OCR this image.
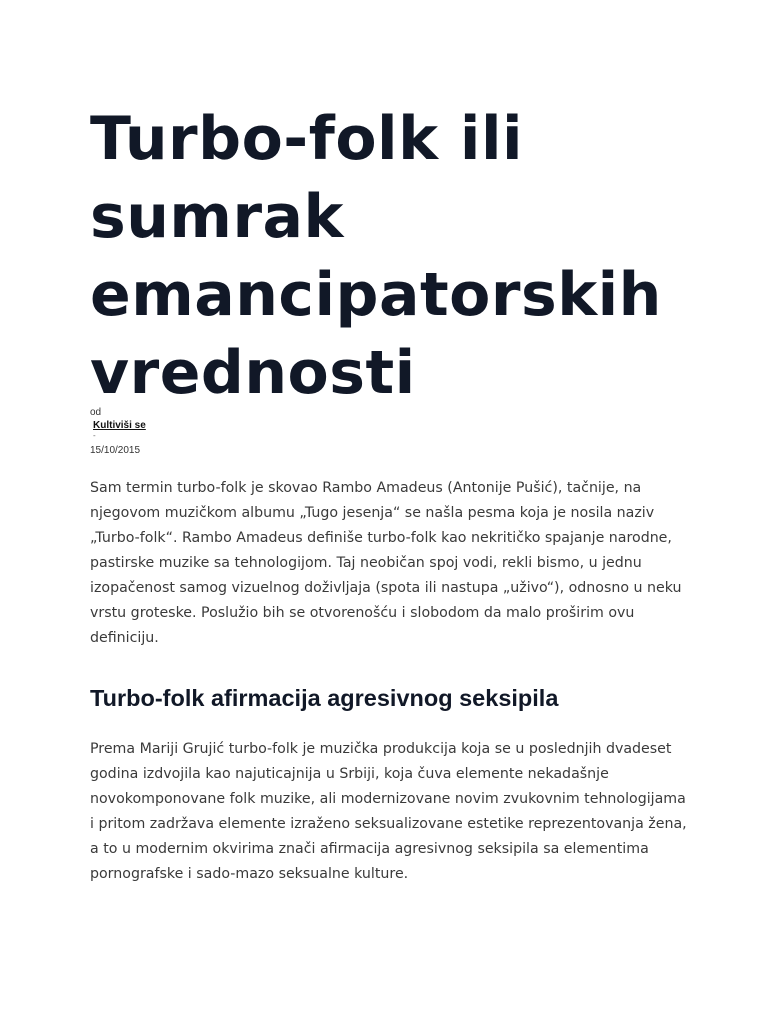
Turbo-folk ili sumrak emancipatorskih vrednosti
od
Kultiviši se
-
15/10/2015

Sam termin turbo-folk je skovao Rambo Amadeus (Antonije Pušić), tačnije, na njegovom muzičkom albumu „Tugo jesenja“ se našla pesma koja je nosila naziv „Turbo-folk“. Rambo Amadeus definiše turbo-folk kao nekritičko spajanje narodne, pastirske muzike sa tehnologijom. Taj neobičan spoj vodi, rekli bismo, u jednu izopačenost samog vizuelnog doživljaja (spota ili nastupa „uživo“), odnosno u neku vrstu groteske. Poslužio bih se otvorenošću i slobodom da malo proširim ovu definiciju.

Turbo-folk afirmacija agresivnog seksipila

Prema Mariji Grujić turbo-folk je muzička produkcija koja se u poslednjih dvadeset godina izdvojila kao najuticajnija u Srbiji, koja čuva elemente nekadašnje novokomponovane folk muzike, ali modernizovane novim zvukovnim tehnologijama i pritom zadržava elemente izraženo seksualizovane estetike reprezentovanja žena, a to u modernim okvirima znači afirmacija agresivnog seksipila sa elementima pornografske i sado-mazo seksualne kulture.
